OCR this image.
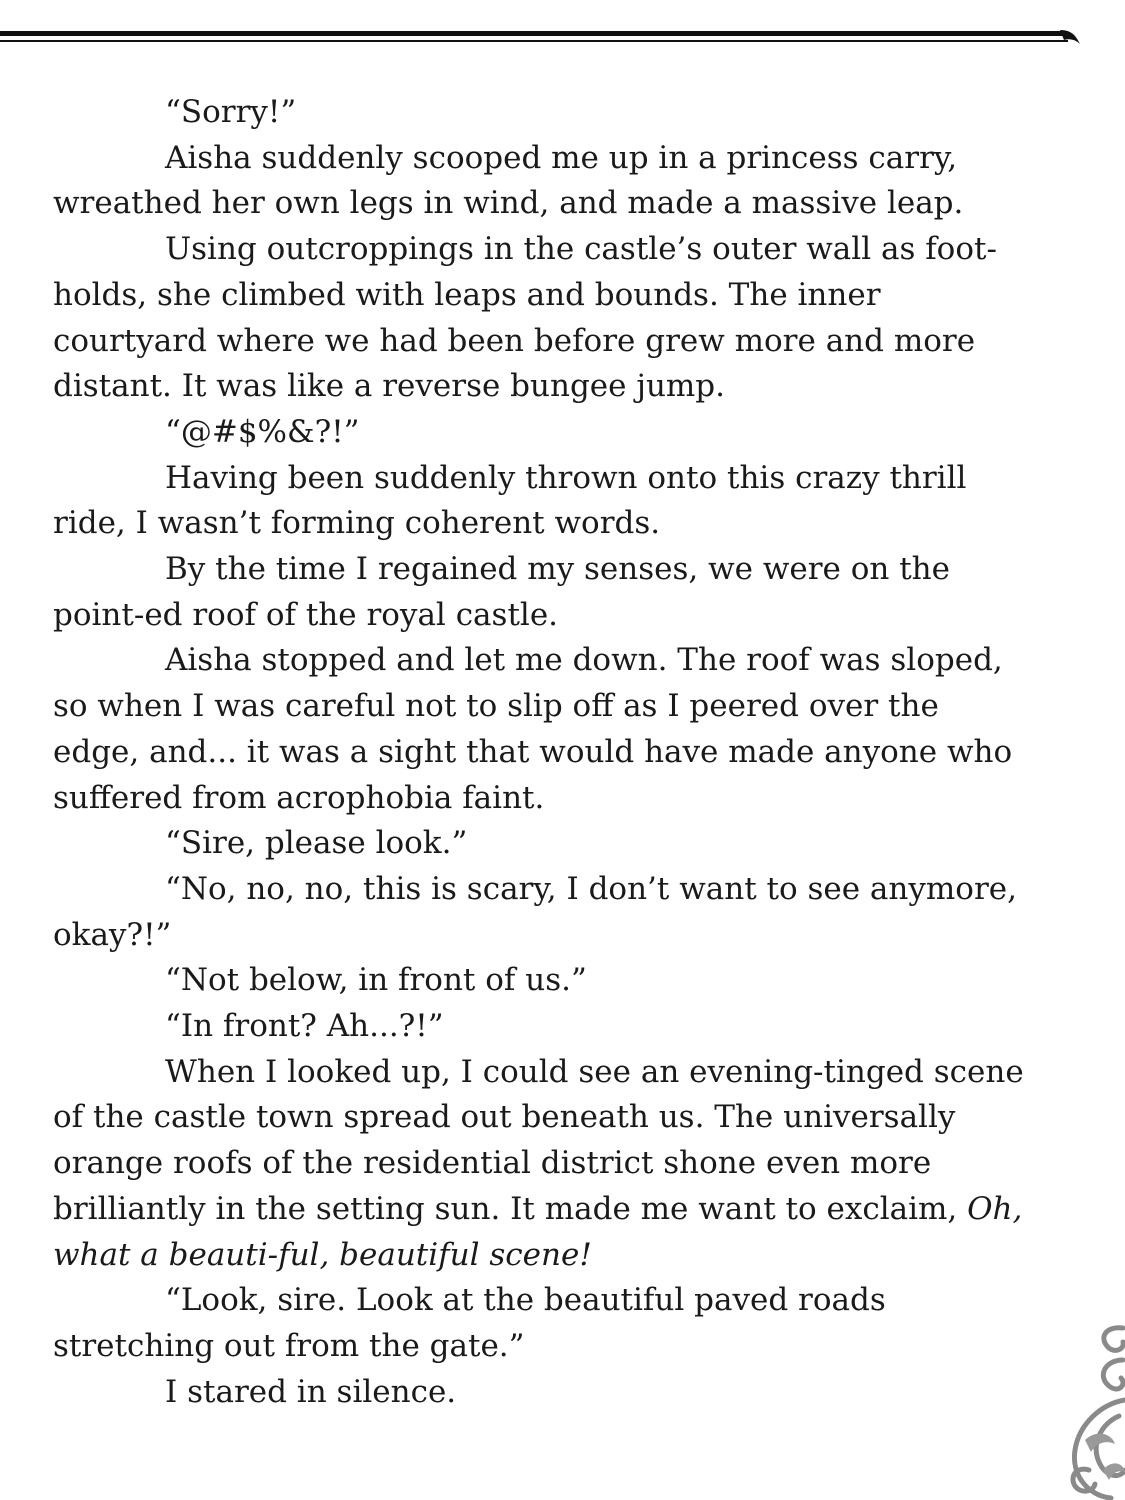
“Sorry!”

Aisha suddenly scooped me up in a princess carry, wreathed her own legs in wind, and made a massive leap.

Using outcroppings in the castle’s outer wall as foot-holds, she climbed with leaps and bounds. The inner courtyard where we had been before grew more and more distant. It was like a reverse bungee jump.

“@#$%&?!”

Having been suddenly thrown onto this crazy thrill ride, I wasn’t forming coherent words.

By the time I regained my senses, we were on the point-ed roof of the royal castle.

Aisha stopped and let me down. The roof was sloped, so when I was careful not to slip off as I peered over the edge, and... it was a sight that would have made anyone who suffered from acrophobia faint.

“Sire, please look.”

“No, no, no, this is scary, I don’t want to see anymore, okay?!”

“Not below, in front of us.”

“In front? Ah...?!”

When I looked up, I could see an evening-tinged scene of the castle town spread out beneath us. The universally orange roofs of the residential district shone even more brilliantly in the setting sun. It made me want to exclaim, Oh, what a beauti-ful, beautiful scene!

“Look, sire. Look at the beautiful paved roads stretching out from the gate.”

I stared in silence.
